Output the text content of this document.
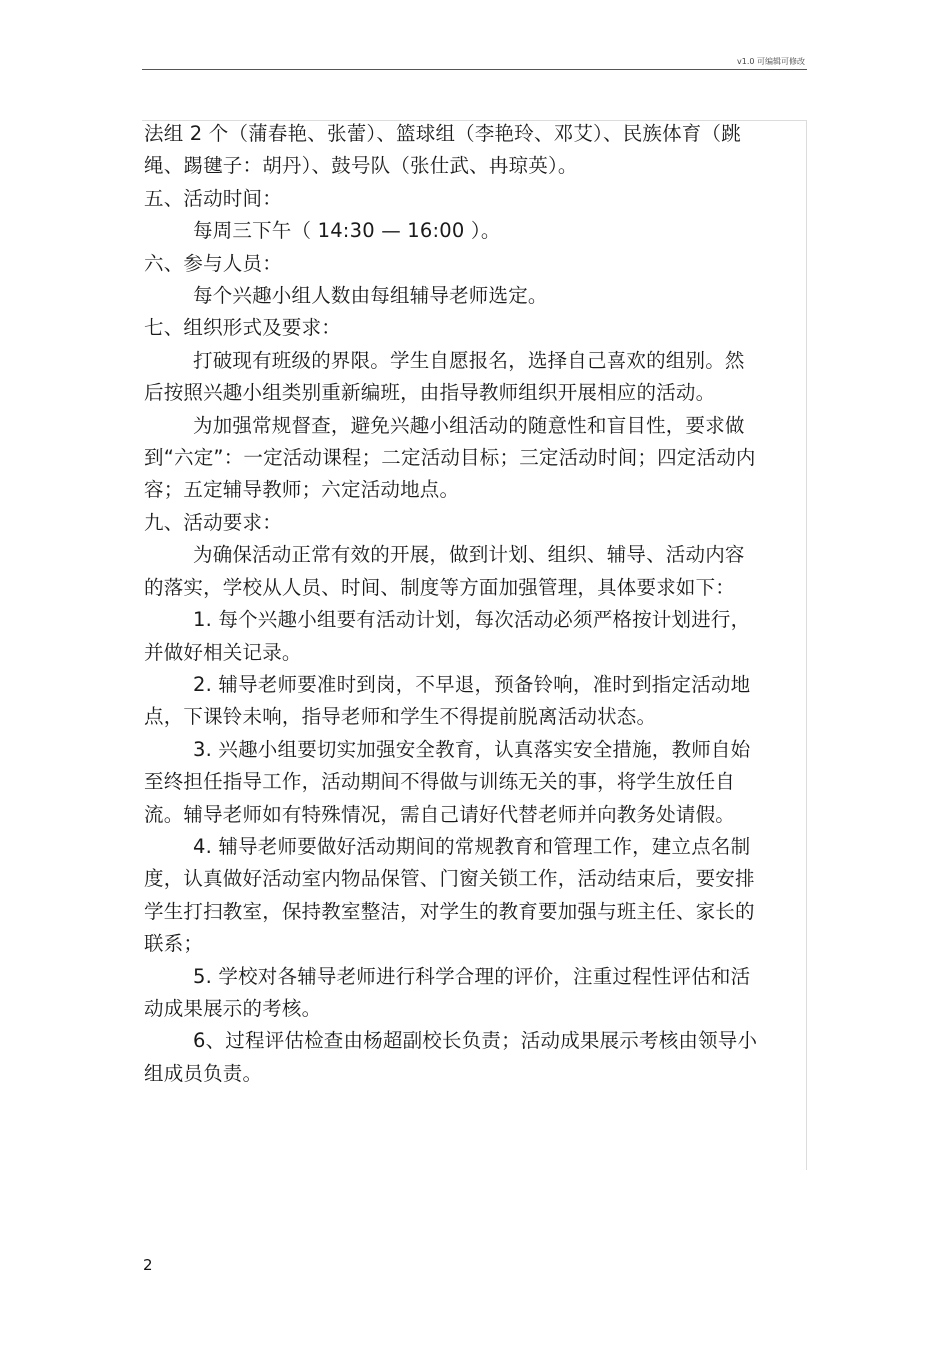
v1.0 可编辑可修改

法组 2 个（蒲春艳、张蕾）、篮球组（李艳玲、邓艾）、民族体育（跳绳、踢毽子：胡丹）、鼓号队（张仕武、冉琼英）。

五、活动时间：

每周三下午（ 14:30 — 16:00 ）。

六、参与人员：

每个兴趣小组人数由每组辅导老师选定。

七、组织形式及要求：

打破现有班级的界限。学生自愿报名，选择自己喜欢的组别。然后按照兴趣小组类别重新编班，由指导教师组织开展相应的活动。

为加强常规督查，避免兴趣小组活动的随意性和盲目性，要求做到“六定”：一定活动课程；二定活动目标；三定活动时间；四定活动内容；五定辅导教师；六定活动地点。

九、活动要求：

为确保活动正常有效的开展，做到计划、组织、辅导、活动内容的落实，学校从人员、时间、制度等方面加强管理，具体要求如下：

1. 每个兴趣小组要有活动计划，每次活动必须严格按计划进行，并做好相关记录。

2. 辅导老师要准时到岗，不早退，预备铃响，准时到指定活动地点，下课铃未响，指导老师和学生不得提前脱离活动状态。

3. 兴趣小组要切实加强安全教育，认真落实安全措施，教师自始至终担任指导工作，活动期间不得做与训练无关的事，将学生放任自流。辅导老师如有特殊情况，需自己请好代替老师并向教务处请假。

4. 辅导老师要做好活动期间的常规教育和管理工作，建立点名制度，认真做好活动室内物品保管、门窗关锁工作，活动结束后，要安排学生打扫教室，保持教室整洁，对学生的教育要加强与班主任、家长的联系；

5. 学校对各辅导老师进行科学合理的评价，注重过程性评估和活动成果展示的考核。

6、过程评估检查由杨超副校长负责；活动成果展示考核由领导小组成员负责。

2
